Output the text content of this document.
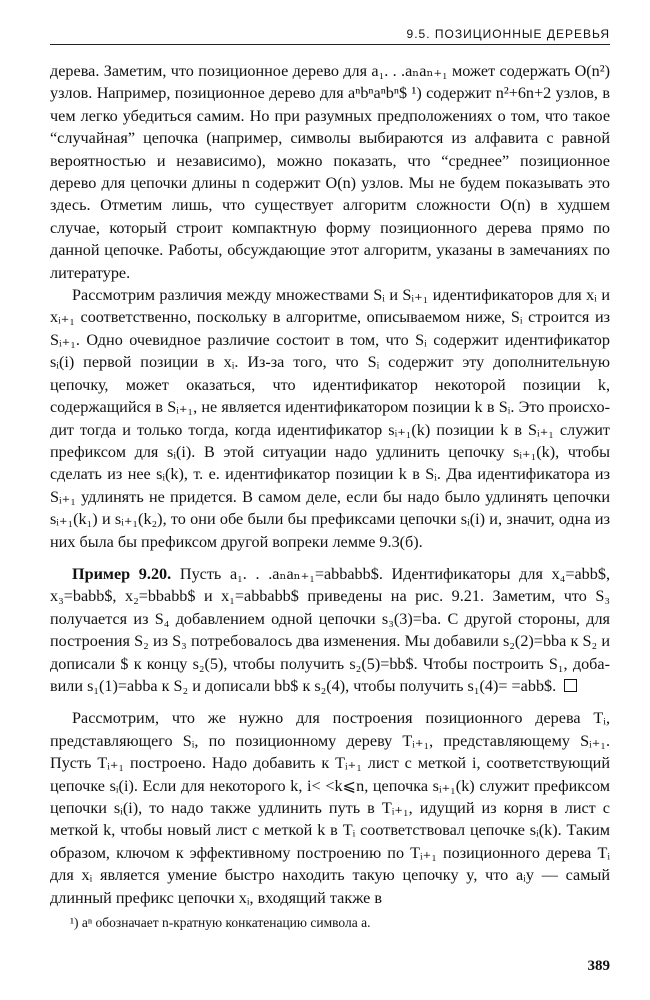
9.5. ПОЗИЦИОННЫЕ ДЕРЕВЬЯ

дерева. Заметим, что позиционное дерево для a₁. . .aₙaₙ₊₁ может содержать O(n²) узлов. Например, позиционное дерево для aⁿbⁿaⁿbⁿ$ ¹) содержит n²+6n+2 узлов, в чем легко убедиться самим. Но при разумных предположениях о том, что такое “случайная” цепочка (например, символы выбираются из алфавита с равной вероятностью и независимо), можно показать, что “среднее” позиционное дерево для цепочки длины n содержит O(n) узлов. Мы не будем показывать это здесь. Отметим лишь, что существует алгоритм сложности O(n) в худшем случае, который строит компактную форму позиционного дерева прямо по данной цепочке. Работы, обсуждающие этот алгоритм, указаны в замечаниях по литературе.

Рассмотрим различия между множествами Sᵢ и Sᵢ₊₁ идентификаторов для xᵢ и xᵢ₊₁ соответственно, поскольку в алгоритме, описываемом ниже, Sᵢ строится из Sᵢ₊₁. Одно очевидное различие состоит в том, что Sᵢ содержит идентификатор sᵢ(i) первой позиции в xᵢ. Из-за того, что Sᵢ содержит эту дополнительную цепочку, может оказаться, что идентификатор некоторой позиции k, содержащийся в Sᵢ₊₁, не является идентификатором позиции k в Sᵢ. Это происходит тогда и только тогда, когда идентификатор sᵢ₊₁(k) позиции k в Sᵢ₊₁ служит префиксом для sᵢ(i). В этой ситуации надо удлинить цепочку sᵢ₊₁(k), чтобы сделать из нее sᵢ(k), т. е. идентификатор позиции k в Sᵢ. Два идентификатора из Sᵢ₊₁ удлинять не придется. В самом деле, если бы надо было удлинять цепочки sᵢ₊₁(k₁) и sᵢ₊₁(k₂), то они обе были бы префиксами цепочки sᵢ(i) и, значит, одна из них была бы префиксом другой вопреки лемме 9.3(б).

Пример 9.20. Пусть a₁. . .aₙaₙ₊₁=abbabb$. Идентификаторы для x₄=abb$, x₃=babb$, x₂=bbabb$ и x₁=abbabb$ приведены на рис. 9.21. Заметим, что S₃ получается из S₄ добавлением одной цепочки s₃(3)=ba. С другой стороны, для построения S₂ из S₃ потребовалось два изменения. Мы добавили s₂(2)=bba к S₂ и дописали $ к концу s₂(5), чтобы получить s₂(5)=bb$. Чтобы построить S₁, добавили s₁(1)=abba к S₂ и дописали bb$ к s₂(4), чтобы получить s₁(4)= =abb$.

Рассмотрим, что же нужно для построения позиционного дерева Tᵢ, представляющего Sᵢ, по позиционному дереву Tᵢ₊₁, представляющему Sᵢ₊₁. Пусть Tᵢ₊₁ построено. Надо добавить к Tᵢ₊₁ лист с меткой i, соответствующий цепочке sᵢ(i). Если для некоторого k, i< <k⩽n, цепочка sᵢ₊₁(k) служит префиксом цепочки sᵢ(i), то надо также удлинить путь в Tᵢ₊₁, идущий из корня в лист с меткой k, чтобы новый лист с меткой k в Tᵢ соответствовал цепочке sᵢ(k). Таким образом, ключом к эффективному построению по Tᵢ₊₁ позиционного дерева Tᵢ для xᵢ является умение быстро находить такую цепочку y, что aᵢy — самый длинный префикс цепочки xᵢ, входящий также в

¹) aⁿ обозначает n-кратную конкатенацию символа a.
389
